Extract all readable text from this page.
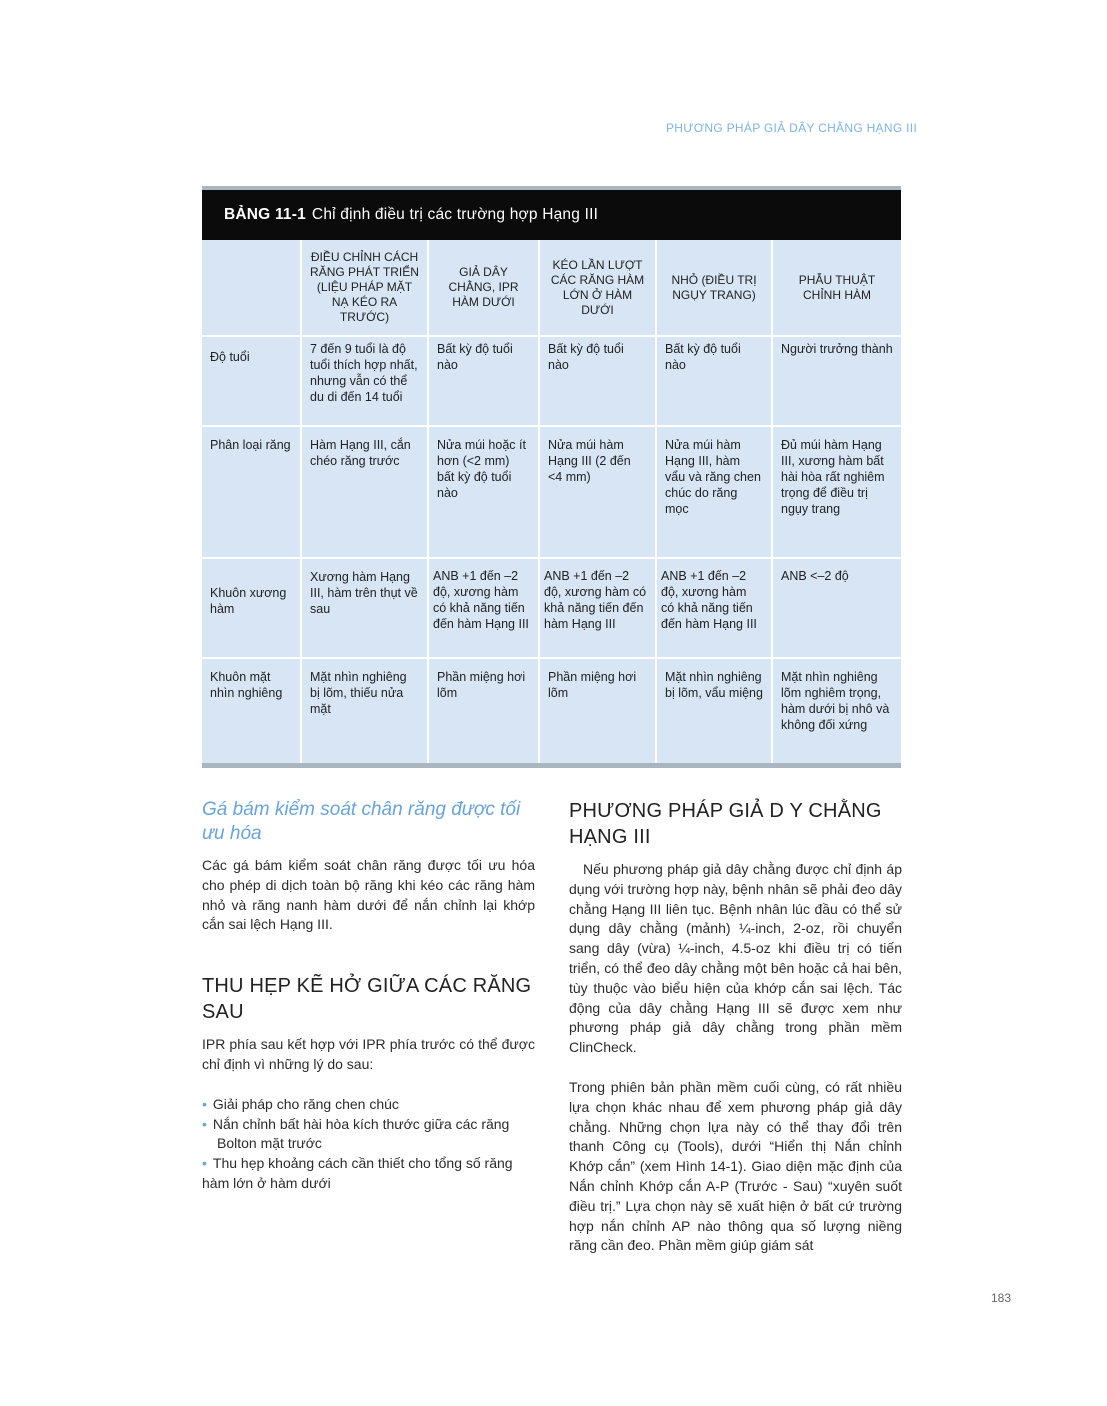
PHƯƠNG PHÁP GIẢ DÂY CHẰNG HẠNG III
BẢNG 11-1 Chỉ định điều trị các trường hợp Hạng III
	ĐIỀU CHỈNH CÁCH RĂNG PHÁT TRIỂN (LIỆU PHÁP MẶT NẠ KÉO RA TRƯỚC)	GIẢ DÂY CHẰNG, IPR HÀM DƯỚI	KÉO LẦN LƯỢT CÁC RĂNG HÀM LỚN Ở HÀM DƯỚI	NHỎ (ĐIỀU TRỊ NGỤY TRANG)	PHẪU THUẬT CHỈNH HÀM
Độ tuổi	7 đến 9 tuổi là độ tuổi thích hợp nhất, nhưng vẫn có thể du di đến 14 tuổi	Bất kỳ độ tuổi nào	Bất kỳ độ tuổi nào	Bất kỳ độ tuổi nào	Người trưởng thành
Phân loại răng	Hàm Hạng III, cắn chéo răng trước	Nửa múi hoặc ít hơn (<2 mm) bất kỳ độ tuổi nào	Nửa múi hàm Hạng III (2 đến <4 mm)	Nửa múi hàm Hạng III, hàm vẩu và răng chen chúc do răng mọc	Đủ múi hàm Hạng III, xương hàm bất hài hòa rất nghiêm trọng để điều trị ngụy trang
Khuôn xương hàm	Xương hàm Hạng III, hàm trên thụt về sau	ANB +1 đến –2 độ, xương hàm có khả năng tiến đến hàm Hạng III	ANB +1 đến –2 độ, xương hàm có khả năng tiến đến hàm Hạng III	ANB +1 đến –2 độ, xương hàm có khả năng tiến đến hàm Hạng III	ANB <–2 độ
Khuôn mặt nhìn nghiêng	Mặt nhìn nghiêng bị lõm, thiếu nửa mặt	Phần miệng hơi lõm	Phần miệng hơi lõm	Mặt nhìn nghiêng bị lõm, vẩu miệng	Mặt nhìn nghiêng lõm nghiêm trọng, hàm dưới bị nhô và không đối xứng
Gá bám kiểm soát chân răng được tối ưu hóa

Các gá bám kiểm soát chân răng được tối ưu hóa cho phép di dịch toàn bộ răng khi kéo các răng hàm nhỏ và răng nanh hàm dưới để nắn chỉnh lại khớp cắn sai lệch Hạng III.

THU HẸP KẼ HỞ GIỮA CÁC RĂNG SAU

IPR phía sau kết hợp với IPR phía trước có thể được chỉ định vì những lý do sau:

• Giải pháp cho răng chen chúc
• Nắn chỉnh bất hài hòa kích thước giữa các răng
Bolton mặt trước
• Thu hẹp khoảng cách cần thiết cho tổng số răng
hàm lớn ở hàm dưới
PHƯƠNG PHÁP GIẢ D Y CHẰNG HẠNG III

Nếu phương pháp giả dây chằng được chỉ định áp dụng với trường hợp này, bệnh nhân sẽ phải đeo dây chằng Hạng III liên tục. Bệnh nhân lúc đầu có thể sử dụng dây chằng (mảnh) ¼-inch, 2-oz, rồi chuyển sang dây (vừa) ¼-inch, 4.5-oz khi điều trị có tiến triển, có thể đeo dây chằng một bên hoặc cả hai bên, tùy thuộc vào biểu hiện của khớp cắn sai lệch. Tác động của dây chằng Hạng III sẽ được xem như phương pháp giả dây chằng trong phần mềm ClinCheck.

Trong phiên bản phần mềm cuối cùng, có rất nhiều lựa chọn khác nhau để xem phương pháp giả dây chằng. Những chọn lựa này có thể thay đổi trên thanh Công cụ (Tools), dưới “Hiển thị Nắn chỉnh Khớp cắn” (xem Hình 14-1). Giao diện mặc định của Nắn chỉnh Khớp cắn A-P (Trước - Sau) “xuyên suốt điều trị.” Lựa chọn này sẽ xuất hiện ở bất cứ trường hợp nắn chỉnh AP nào thông qua số lượng niềng răng cần đeo. Phần mềm giúp giám sát

183
